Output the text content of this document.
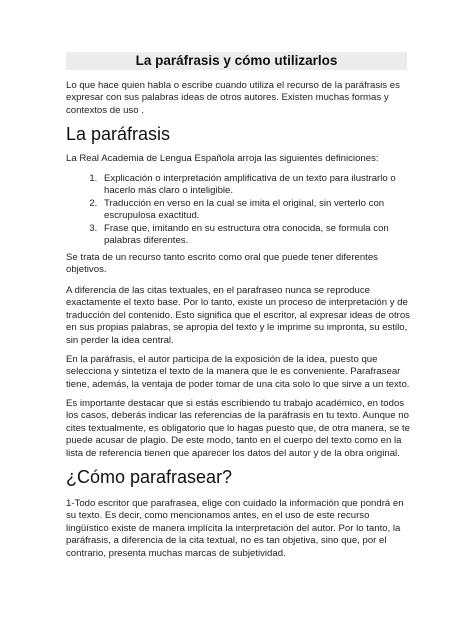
La paráfrasis y cómo utilizarlos
Lo que hace quien habla o escribe cuando utiliza el recurso de la paráfrasis es expresar con sus palabras ideas de otros autores. Existen muchas formas y contextos de uso .
La paráfrasis
La Real Academia de Lengua Española arroja las siguientes definiciones:
1. Explicación o interpretación amplificativa de un texto para ilustrarlo o hacerlo más claro o inteligible.
2. Traducción en verso en la cual se imita el original, sin verterlo con escrupulosa exactitud.
3. Frase que, imitando en su estructura otra conocida, se formula con palabras diferentes.
Se trata de un recurso tanto escrito como oral que puede tener diferentes objetivos.
A diferencia de las citas textuales, en el parafraseo nunca se reproduce exactamente el texto base. Por lo tanto, existe un proceso de interpretación y de traducción del contenido. Esto significa que el escritor, al expresar ideas de otros en sus propias palabras, se apropia del texto y le imprime su impronta, su estilo, sin perder la idea central.
En la paráfrasis, el autor participa de la exposición de la idea, puesto que selecciona y sintetiza el texto de la manera que le es conveniente. Parafrasear tiene, además, la ventaja de poder tomar de una cita solo lo que sirve a un texto.
Es importante destacar que si estás escribiendo tu trabajo académico, en todos los casos, deberás indicar las referencias de la paráfrasis en tu texto. Aunque no cites textualmente, es obligatorio que lo hagas puesto que, de otra manera, se te puede acusar de plagio. De este modo, tanto en el cuerpo del texto como en la lista de referencia tienen que aparecer los datos del autor y de la obra original.
¿Cómo parafrasear?
1-Todo escritor que parafrasea, elige con cuidado la información que pondrá en su texto. Es decir, como mencionamos antes, en el uso de este recurso lingüístico existe de manera implícita la interpretación del autor. Por lo tanto, la paráfrasis, a diferencia de la cita textual, no es tan objetiva, sino que, por el contrario, presenta muchas marcas de subjetividad.
